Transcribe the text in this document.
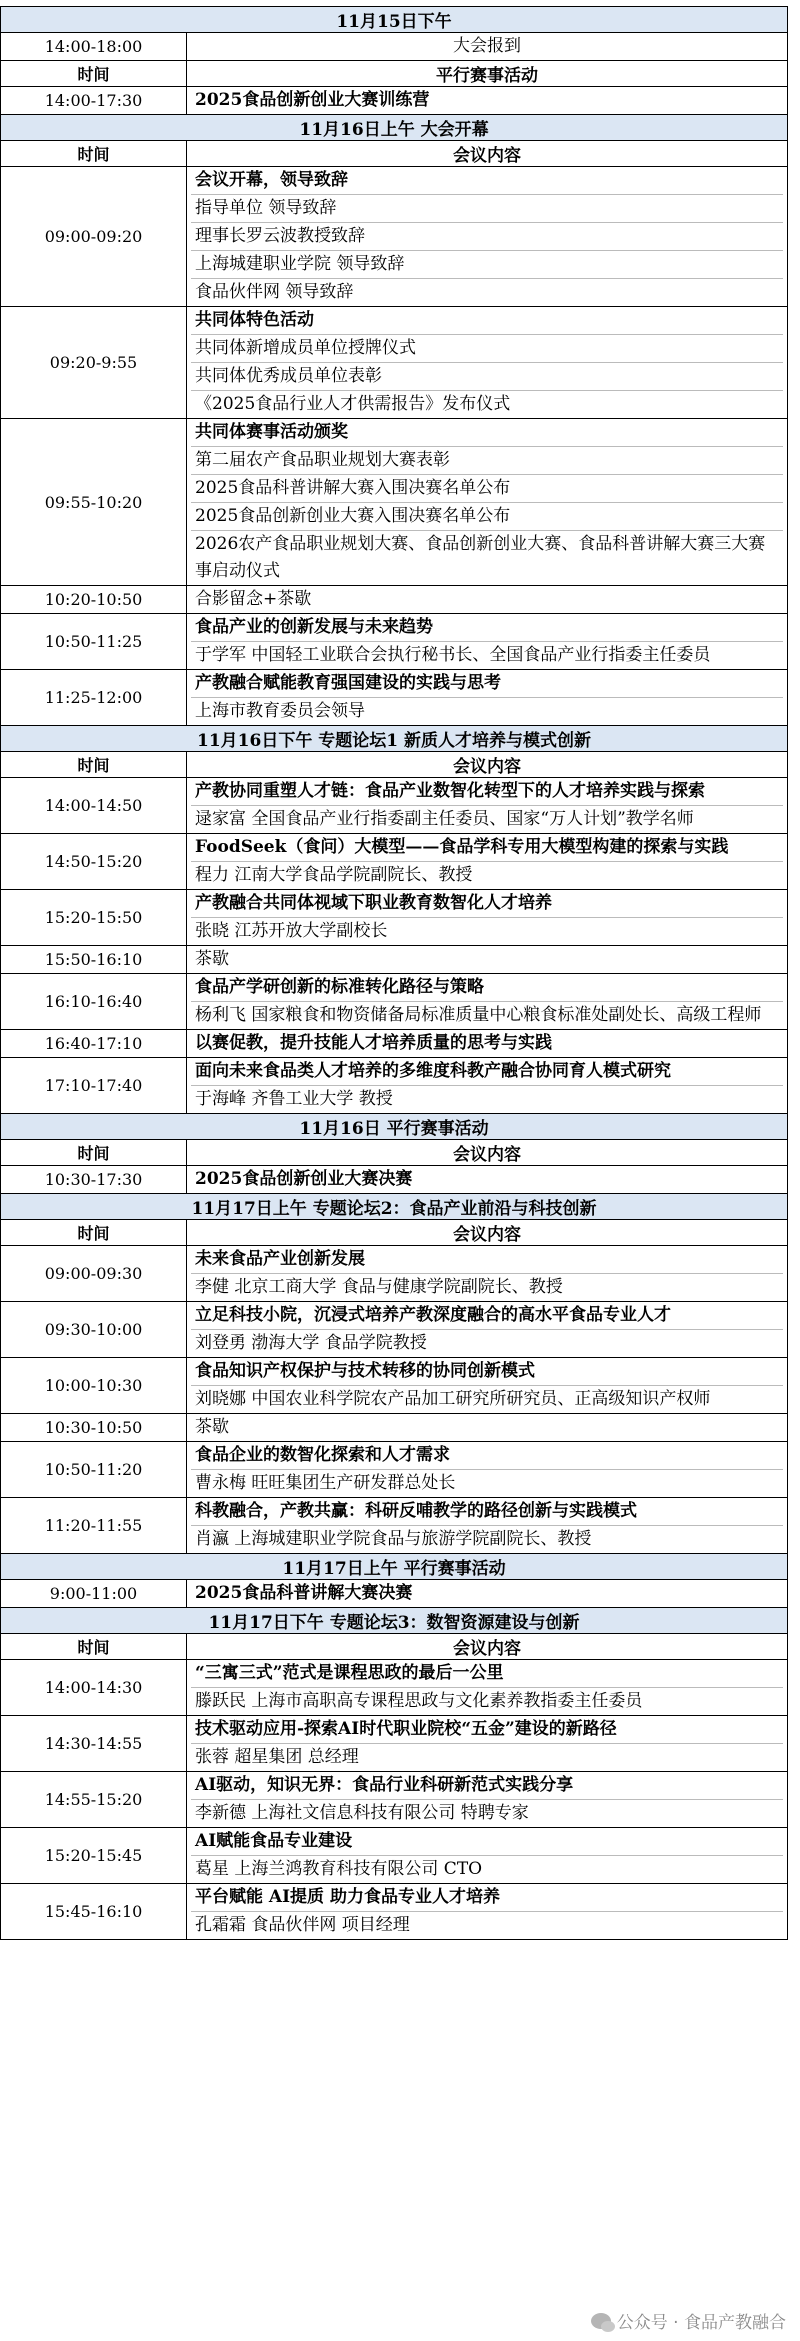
11月15日下午	
14:00-18:00	大会报到

时间	平行赛事活动
14:00-17:30	2025食品创新创业大赛训练营

11月16日上午 大会开幕	
时间	会议内容
09:00-09:20	会议开幕，领导致辞
指导单位 领导致辞
理事长罗云波教授致辞
上海城建职业学院 领导致辞
食品伙伴网 领导致辞

09:20-9:55	共同体特色活动
共同体新增成员单位授牌仪式
共同体优秀成员单位表彰
《2025食品行业人才供需报告》发布仪式

09:55-10:20	共同体赛事活动颁奖
第二届农产食品职业规划大赛表彰
2025食品科普讲解大赛入围决赛名单公布
2025食品创新创业大赛入围决赛名单公布
2026农产食品职业规划大赛、食品创新创业大赛、食品科普讲解大赛三大赛事启动仪式

10:20-10:50	合影留念+茶歇

10:50-11:25	食品产业的创新发展与未来趋势
于学军 中国轻工业联合会执行秘书长、全国食品产业行指委主任委员

11:25-12:00	产教融合赋能教育强国建设的实践与思考
上海市教育委员会领导

11月16日下午 专题论坛1 新质人才培养与模式创新	
时间	会议内容
14:00-14:50	产教协同重塑人才链：食品产业数智化转型下的人才培养实践与探索
逯家富 全国食品产业行指委副主任委员、国家“万人计划”教学名师

14:50-15:20	FoodSeek（食问）大模型——食品学科专用大模型构建的探索与实践
程力 江南大学食品学院副院长、教授

15:20-15:50	产教融合共同体视域下职业教育数智化人才培养
张晓 江苏开放大学副校长

15:50-16:10	茶歇

16:10-16:40	食品产学研创新的标准转化路径与策略
杨利飞 国家粮食和物资储备局标准质量中心粮食标准处副处长、高级工程师

16:40-17:10	以赛促教，提升技能人才培养质量的思考与实践

17:10-17:40	面向未来食品类人才培养的多维度科教产融合协同育人模式研究
于海峰 齐鲁工业大学 教授

11月16日 平行赛事活动	
时间	会议内容
10:30-17:30	2025食品创新创业大赛决赛

11月17日上午 专题论坛2：食品产业前沿与科技创新	
时间	会议内容
09:00-09:30	未来食品产业创新发展
李健 北京工商大学 食品与健康学院副院长、教授

09:30-10:00	立足科技小院，沉浸式培养产教深度融合的高水平食品专业人才
刘登勇 渤海大学 食品学院教授

10:00-10:30	食品知识产权保护与技术转移的协同创新模式
刘晓娜 中国农业科学院农产品加工研究所研究员、正高级知识产权师

10:30-10:50	茶歇

10:50-11:20	食品企业的数智化探索和人才需求
曹永梅 旺旺集团生产研发群总处长

11:20-11:55	科教融合，产教共赢：科研反哺教学的路径创新与实践模式
肖瀛 上海城建职业学院食品与旅游学院副院长、教授

11月17日上午 平行赛事活动	
9:00-11:00	2025食品科普讲解大赛决赛

11月17日下午 专题论坛3：数智资源建设与创新	
时间	会议内容
14:00-14:30	“三寓三式”范式是课程思政的最后一公里
滕跃民 上海市高职高专课程思政与文化素养教指委主任委员

14:30-14:55	技术驱动应用-探索AI时代职业院校“五金”建设的新路径
张蓉 超星集团 总经理

14:55-15:20	AI驱动，知识无界：食品行业科研新范式实践分享
李新德 上海社文信息科技有限公司 特聘专家

15:20-15:45	AI赋能食品专业建设
葛星 上海兰鸿教育科技有限公司 CTO

15:45-16:10	平台赋能 AI提质 助力食品专业人才培养
孔霜霜 食品伙伴网 项目经理
公众号 · 食品产教融合
